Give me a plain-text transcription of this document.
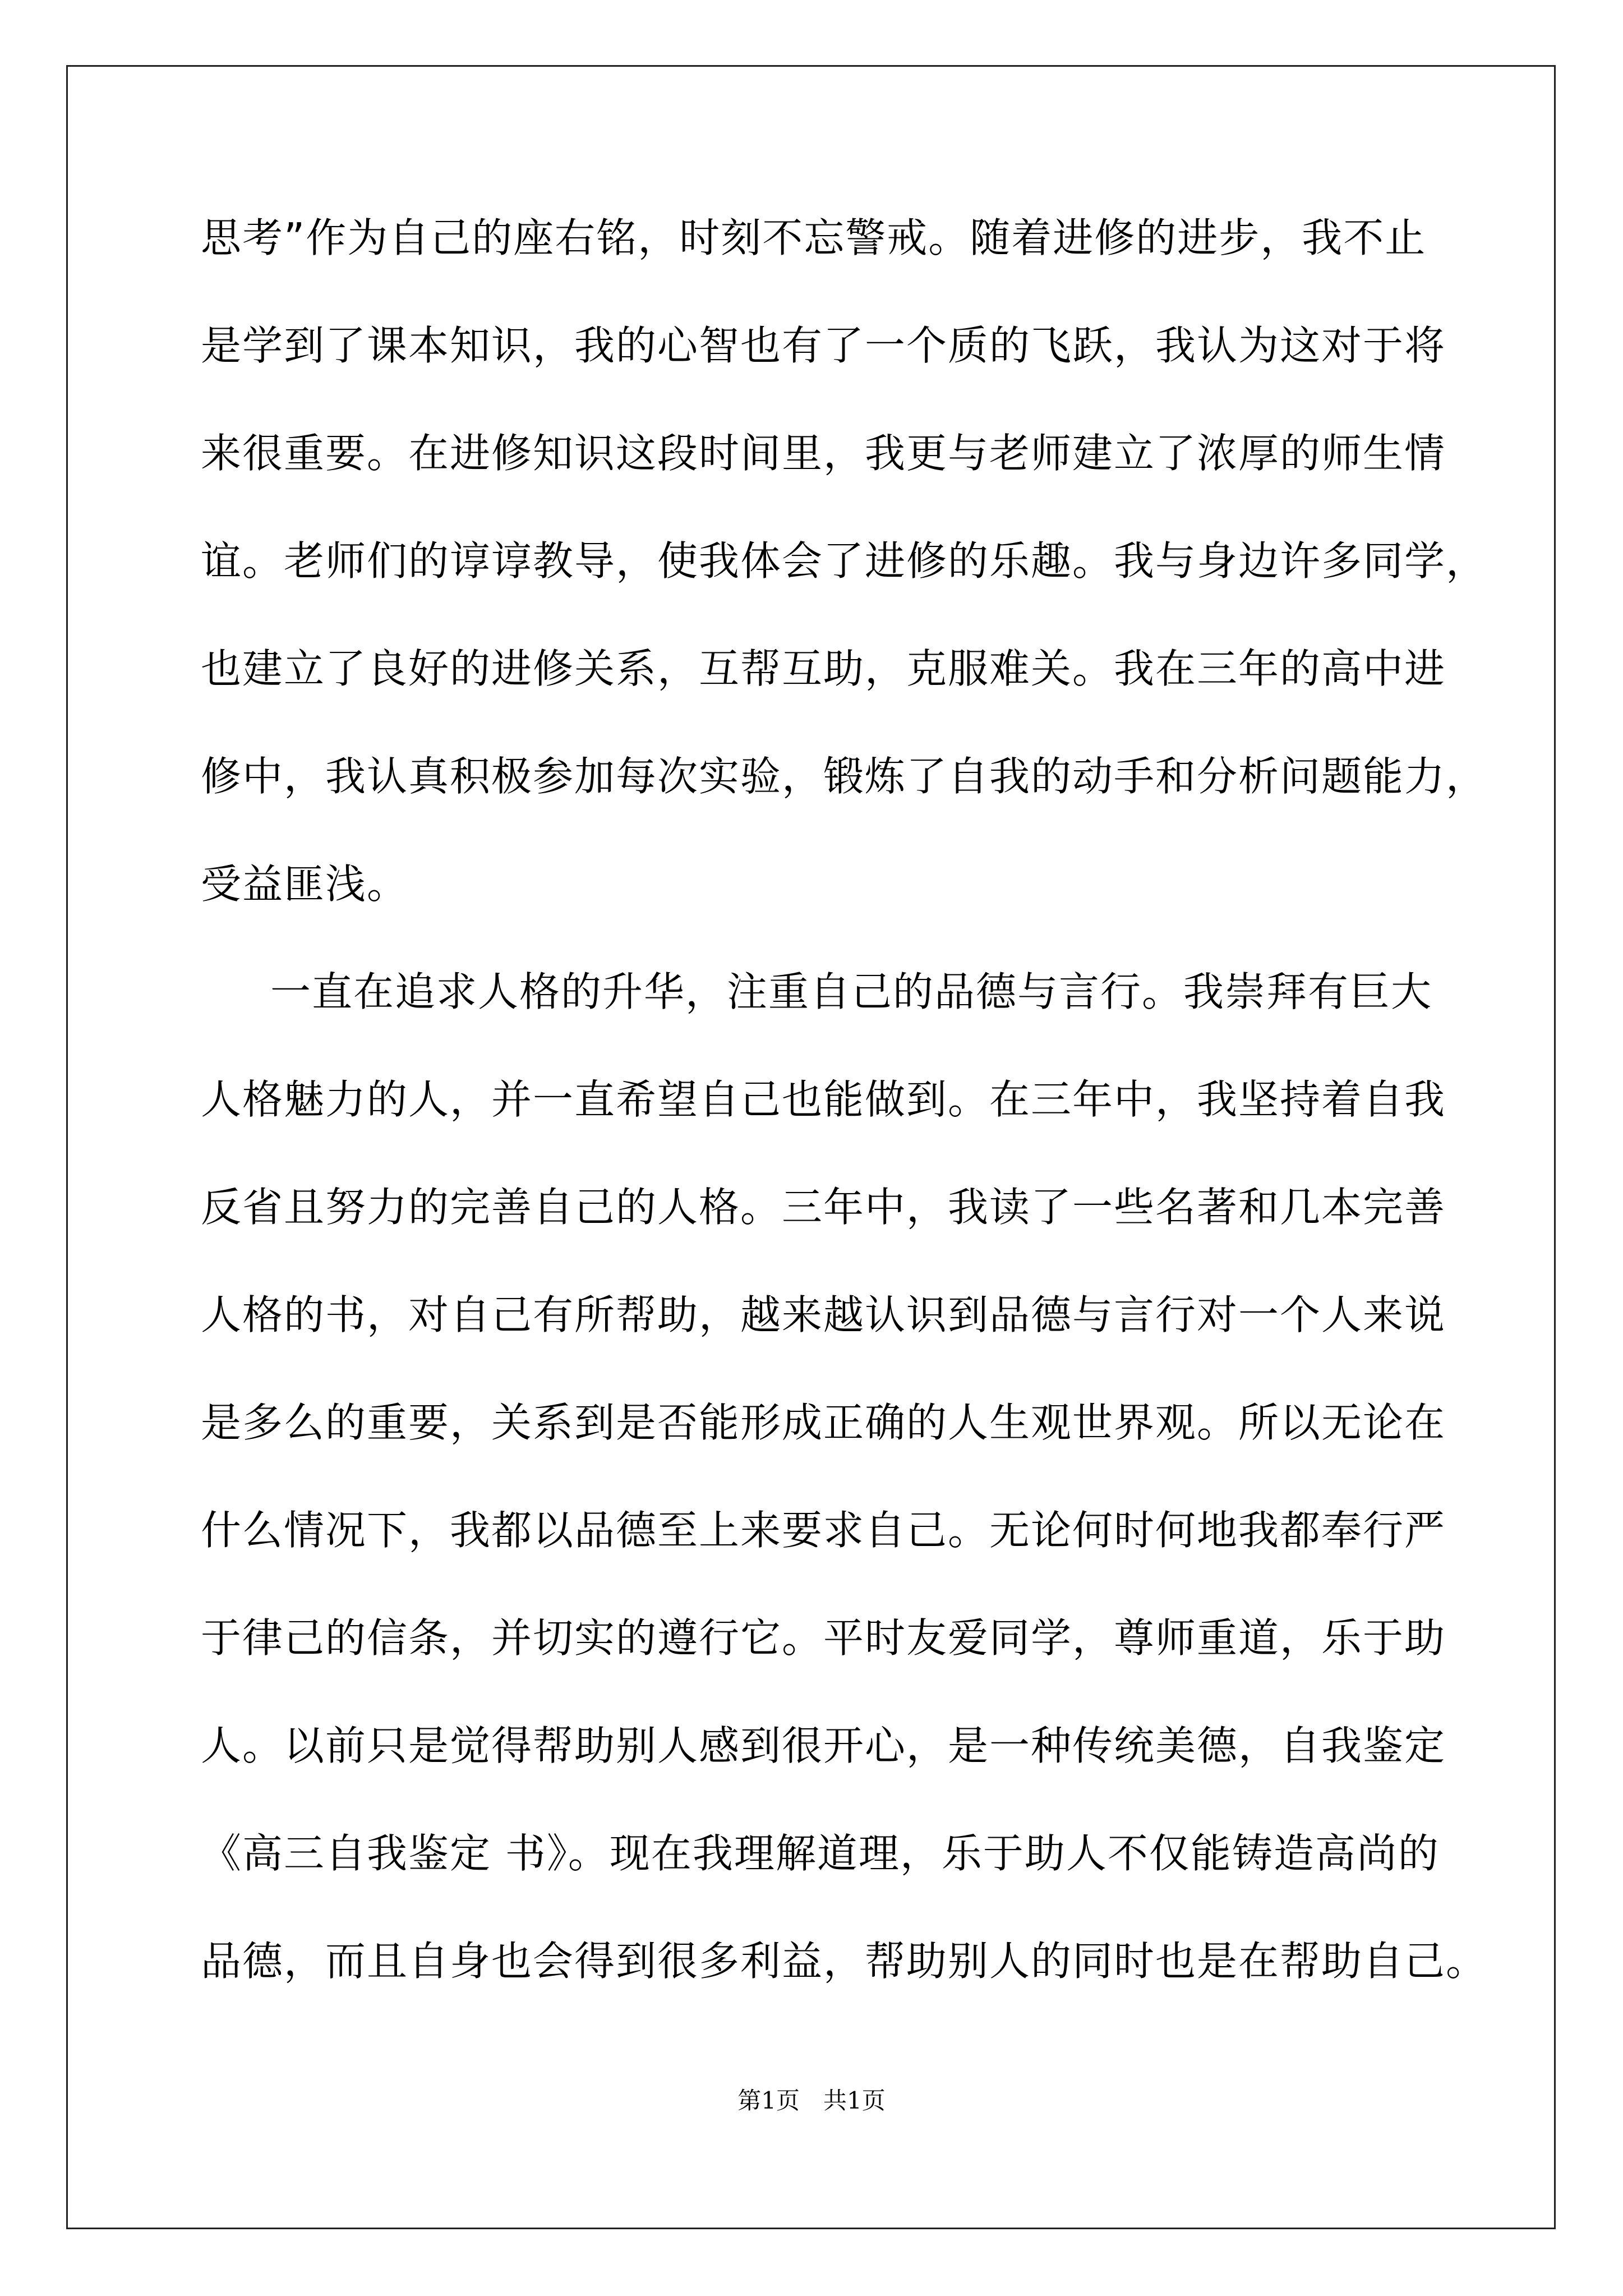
思考”作为自己的座右铭，时刻不忘警戒。随着进修的进步，我不止
是学到了课本知识，我的心智也有了一个质的飞跃，我认为这对于将
来很重要。在进修知识这段时间里，我更与老师建立了浓厚的师生情
谊。老师们的谆谆教导，使我体会了进修的乐趣。我与身边许多同学，
也建立了良好的进修关系，互帮互助，克服难关。我在三年的高中进
修中，我认真积极参加每次实验，锻炼了自我的动手和分析问题能力，
受益匪浅。
一直在追求人格的升华，注重自己的品德与言行。我崇拜有巨大
人格魅力的人，并一直希望自己也能做到。在三年中，我坚持着自我
反省且努力的完善自己的人格。三年中，我读了一些名著和几本完善
人格的书，对自己有所帮助，越来越认识到品德与言行对一个人来说
是多么的重要，关系到是否能形成正确的人生观世界观。所以无论在
什么情况下，我都以品德至上来要求自己。无论何时何地我都奉行严
于律己的信条，并切实的遵行它。平时友爱同学，尊师重道，乐于助
人。以前只是觉得帮助别人感到很开心，是一种传统美德，自我鉴定
《高三自我鉴定 书》。现在我理解道理，乐于助人不仅能铸造高尚的
品德，而且自身也会得到很多利益，帮助别人的同时也是在帮助自己。
第1页　共1页
